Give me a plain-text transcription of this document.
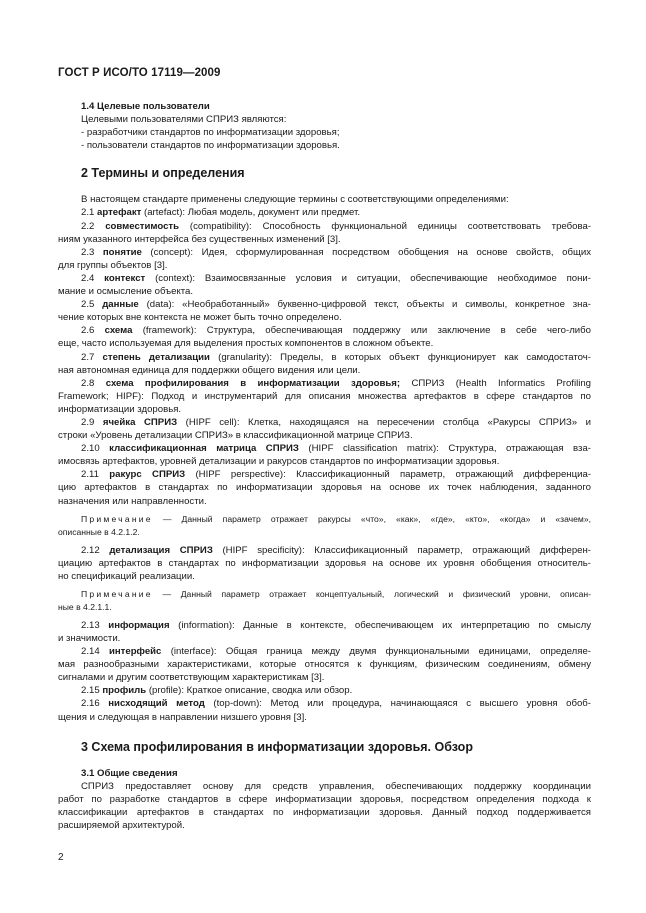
ГОСТ Р ИСО/ТО 17119—2009
1.4 Целевые пользователи
Целевыми пользователями СПРИЗ являются:
- разработчики стандартов по информатизации здоровья;
- пользователи стандартов по информатизации здоровья.
2 Термины и определения
В настоящем стандарте применены следующие термины с соответствующими определениями:
2.1 артефакт (artefact): Любая модель, документ или предмет.
2.2 совместимость (compatibility): Способность функциональной единицы соответствовать требова-
ниям указанного интерфейса без существенных изменений [3].
2.3 понятие (concept): Идея, сформулированная посредством обобщения на основе свойств, общих
для группы объектов [3].
2.4 контекст (context): Взаимосвязанные условия и ситуации, обеспечивающие необходимое пони-
мание и осмысление объекта.
2.5 данные (data): «Необработанный» буквенно-цифровой текст, объекты и символы, конкретное зна-
чение которых вне контекста не может быть точно определено.
2.6 схема (framework): Структура, обеспечивающая поддержку или заключение в себе чего-либо
еще, часто используемая для выделения простых компонентов в сложном объекте.
2.7 степень детализации (granularity): Пределы, в которых объект функционирует как самодостаточ-
ная автономная единица для поддержки общего видения или цели.
2.8 схема профилирования в информатизации здоровья; СПРИЗ (Health Informatics Profiling
Framework; HIPF): Подход и инструментарий для описания множества артефактов в сфере стандартов по
информатизации здоровья.
2.9 ячейка СПРИЗ (HIPF cell): Клетка, находящаяся на пересечении столбца «Ракурсы СПРИЗ» и
строки «Уровень детализации СПРИЗ» в классификационной матрице СПРИЗ.
2.10 классификационная матрица СПРИЗ (HIPF classification matrix): Структура, отражающая вза-
имосвязь артефактов, уровней детализации и ракурсов стандартов по информатизации здоровья.
2.11 ракурс СПРИЗ (HIPF perspective): Классификационный параметр, отражающий дифференциа-
цию артефактов в стандартах по информатизации здоровья на основе их точек наблюдения, заданного
назначения или направленности.
Примечание — Данный параметр отражает ракурсы «что», «как», «где», «кто», «когда» и «зачем»,
описанные в 4.2.1.2.
2.12 детализация СПРИЗ (HIPF specificity): Классификационный параметр, отражающий дифферен-
циацию артефактов в стандартах по информатизации здоровья на основе их уровня обобщения относитель-
но спецификаций реализации.
Примечание — Данный параметр отражает концептуальный, логический и физический уровни, описан-
ные в 4.2.1.1.
2.13 информация (information): Данные в контексте, обеспечивающем их интерпретацию по смыслу
и значимости.
2.14 интерфейс (interface): Общая граница между двумя функциональными единицами, определяе-
мая разнообразными характеристиками, которые относятся к функциям, физическим соединениям, обмену
сигналами и другим соответствующим характеристикам [3].
2.15 профиль (profile): Краткое описание, сводка или обзор.
2.16 нисходящий метод (top-down): Метод или процедура, начинающаяся с высшего уровня обоб-
щения и следующая в направлении низшего уровня [3].
3 Схема профилирования в информатизации здоровья. Обзор
3.1 Общие сведения
СПРИЗ предоставляет основу для средств управления, обеспечивающих поддержку координации
работ по разработке стандартов в сфере информатизации здоровья, посредством определения подхода к
классификации артефактов в стандартах по информатизации здоровья. Данный подход поддерживается
расширяемой архитектурой.
2
